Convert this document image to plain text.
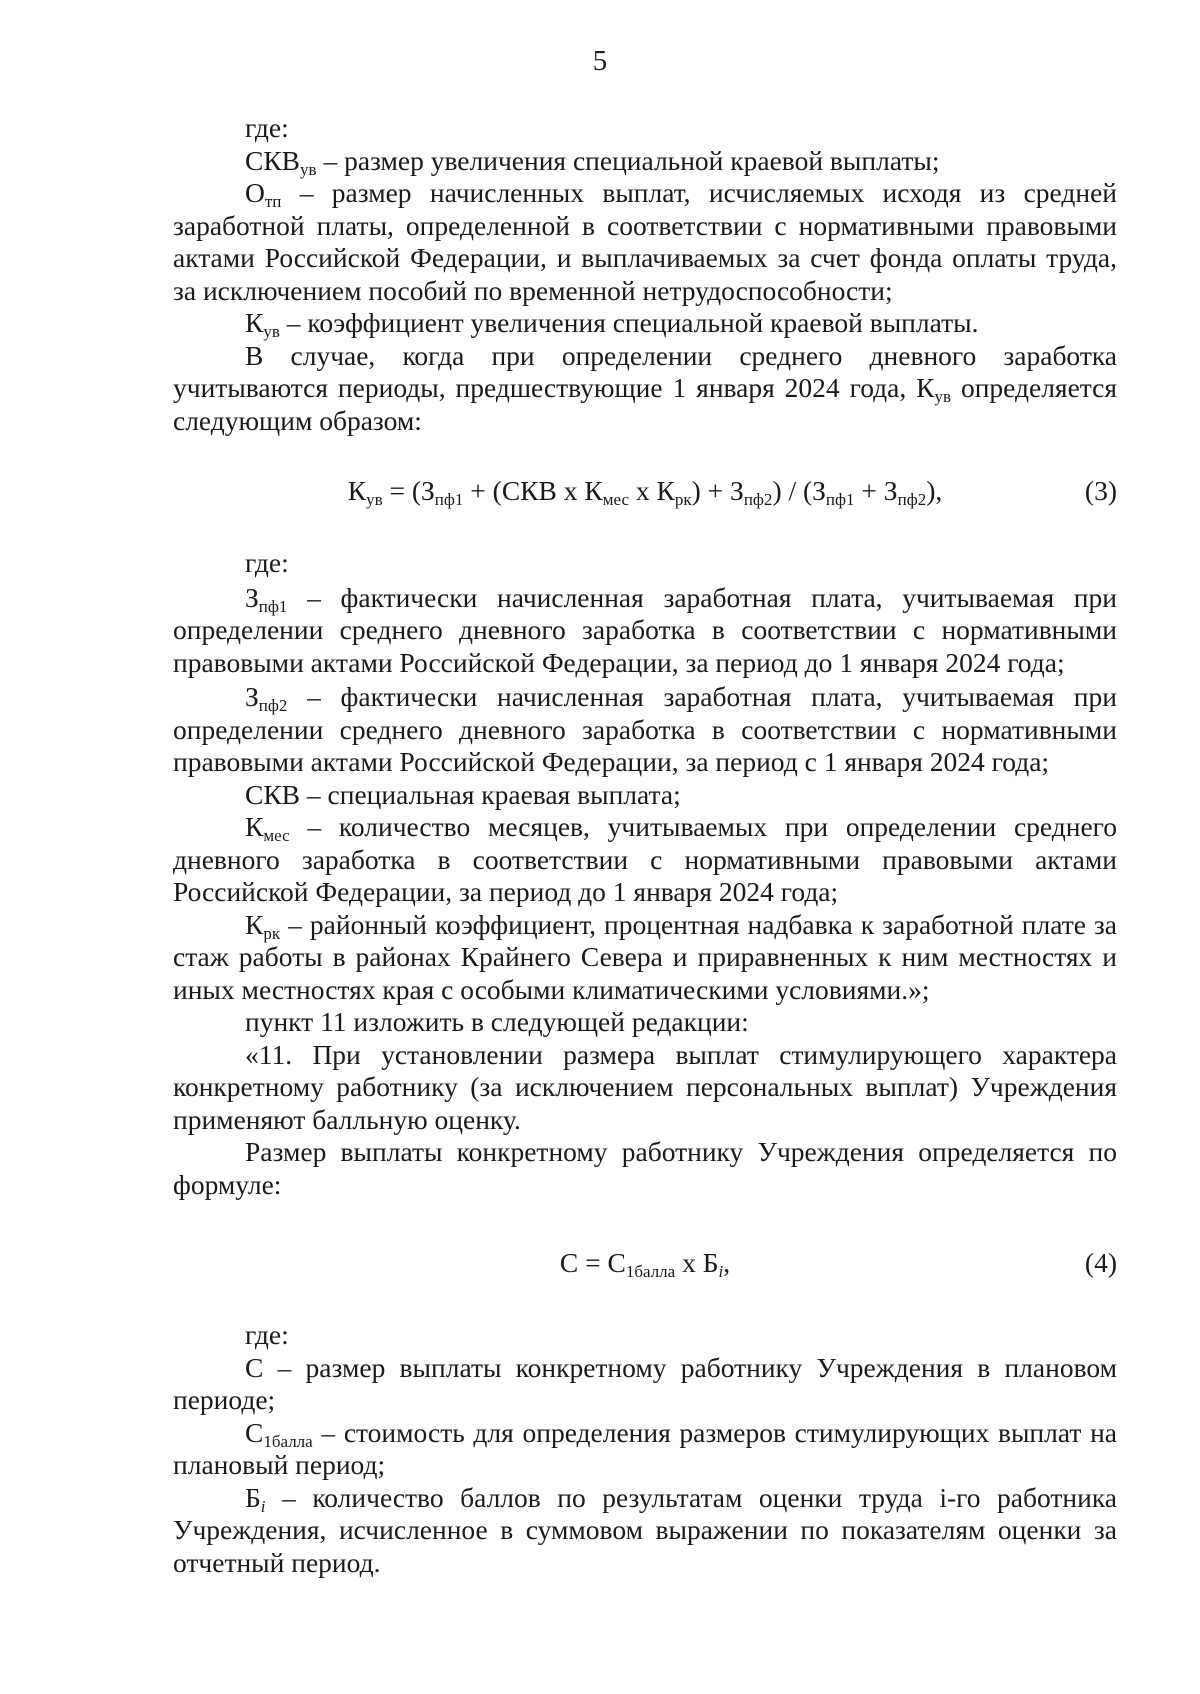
5

где:

$СКВ_{ув}$ – размер увеличения специальной краевой выплаты;

$О_{тп}$ – размер начисленных выплат, исчисляемых исходя из средней заработной платы, определенной в соответствии с нормативными правовыми актами Российской Федерации, и выплачиваемых за счет фонда оплаты труда, за исключением пособий по временной нетрудоспособности;

$К_{ув}$ – коэффициент увеличения специальной краевой выплаты.

В случае, когда при определении среднего дневного заработка учитываются периоды, предшествующие 1 января 2024 года, $К_{ув}$ определяется следующим образом:

$К_{ув} = (З_{пф1} + (СКВ$ х $К_{мес}$ х $К_{рк}) + З_{пф2}) / (З_{пф1} + З_{пф2})$,	(3)

где:

$З_{пф1}$ – фактически начисленная заработная плата, учитываемая при определении среднего дневного заработка в соответствии с нормативными правовыми актами Российской Федерации, за период до 1 января 2024 года;

$З_{пф2}$ – фактически начисленная заработная плата, учитываемая при определении среднего дневного заработка в соответствии с нормативными правовыми актами Российской Федерации, за период с 1 января 2024 года;

СКВ – специальная краевая выплата;

$К_{мес}$ – количество месяцев, учитываемых при определении среднего дневного заработка в соответствии с нормативными правовыми актами Российской Федерации, за период до 1 января 2024 года;

$К_{рк}$ – районный коэффициент, процентная надбавка к заработной плате за стаж работы в районах Крайнего Севера и приравненных к ним местностях и иных местностях края с особыми климатическими условиями.»;

пункт 11 изложить в следующей редакции:

«11. При установлении размера выплат стимулирующего характера конкретному работнику (за исключением персональных выплат) Учреждения применяют балльную оценку.

Размер выплаты конкретному работнику Учреждения определяется по формуле:

$С = С_{1балла}$ х $Б_i$,	(4)

где:

С – размер выплаты конкретному работнику Учреждения в плановом периоде;

$С_{1балла}$ – стоимость для определения размеров стимулирующих выплат на плановый период;

$Б_i$ – количество баллов по результатам оценки труда i-го работника Учреждения, исчисленное в суммовом выражении по показателям оценки за отчетный период.
